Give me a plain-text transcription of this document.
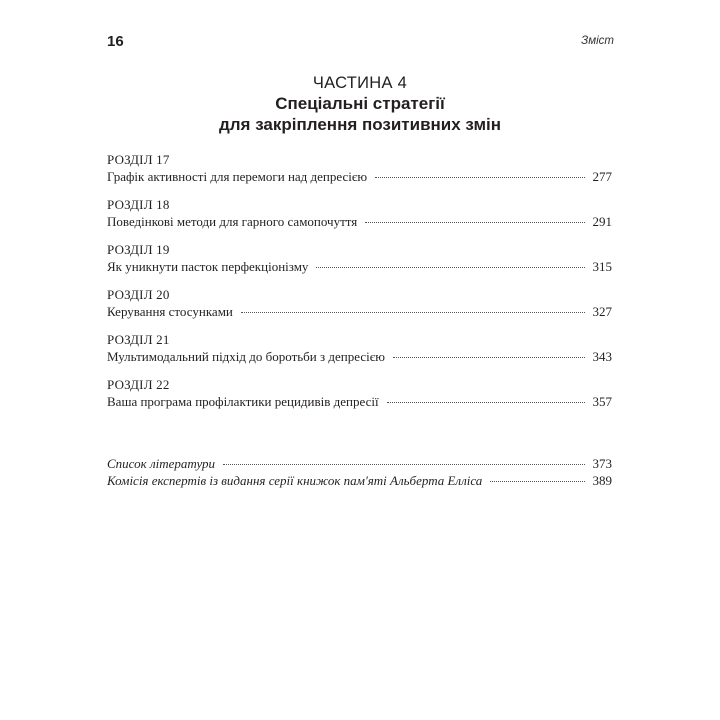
16	Зміст
ЧАСТИНА 4
Спеціальні стратегії
для закріплення позитивних змін
РОЗДІЛ 17
Графік активності для перемоги над депресією	277
РОЗДІЛ 18
Поведінкові методи для гарного самопочуття	291
РОЗДІЛ 19
Як уникнути пасток перфекціонізму	315
РОЗДІЛ 20
Керування стосунками	327
РОЗДІЛ 21
Мультимодальний підхід до боротьби з депресією	343
РОЗДІЛ 22
Ваша програма профілактики рецидивів депресії	357
Список літератури	373
Комісія експертів із видання серії книжок пам'яті Альберта Елліса	389
